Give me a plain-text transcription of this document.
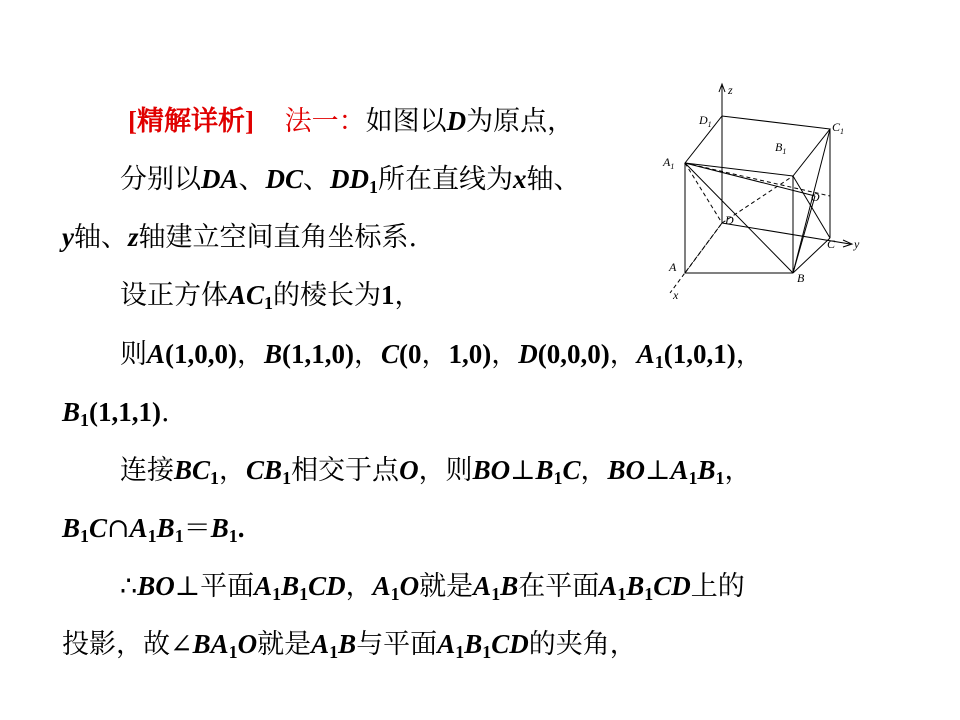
[精解详析] 法一：如图以D为原点，
分别以DA、DC、DD1所在直线为x轴、
y轴、z轴建立空间直角坐标系.
设正方体AC1的棱长为1，
则A(1,0,0)，B(1,1,0)，C(0，1,0)，D(0,0,0)，A1(1,0,1)，
B1(1,1,1).
连接BC1，CB1相交于点O，则BO⊥B1C，BO⊥A1B1，
B1C∩A1B1＝B1.
∴BO⊥平面A1B1CD，A1O就是A1B在平面A1B1CD上的
投影，故∠BA1O就是A1B与平面A1B1CD的夹角，
z
y
x
$D_1$	$C_1$
$B_1$
$A_1$
O
D
C
A
B
